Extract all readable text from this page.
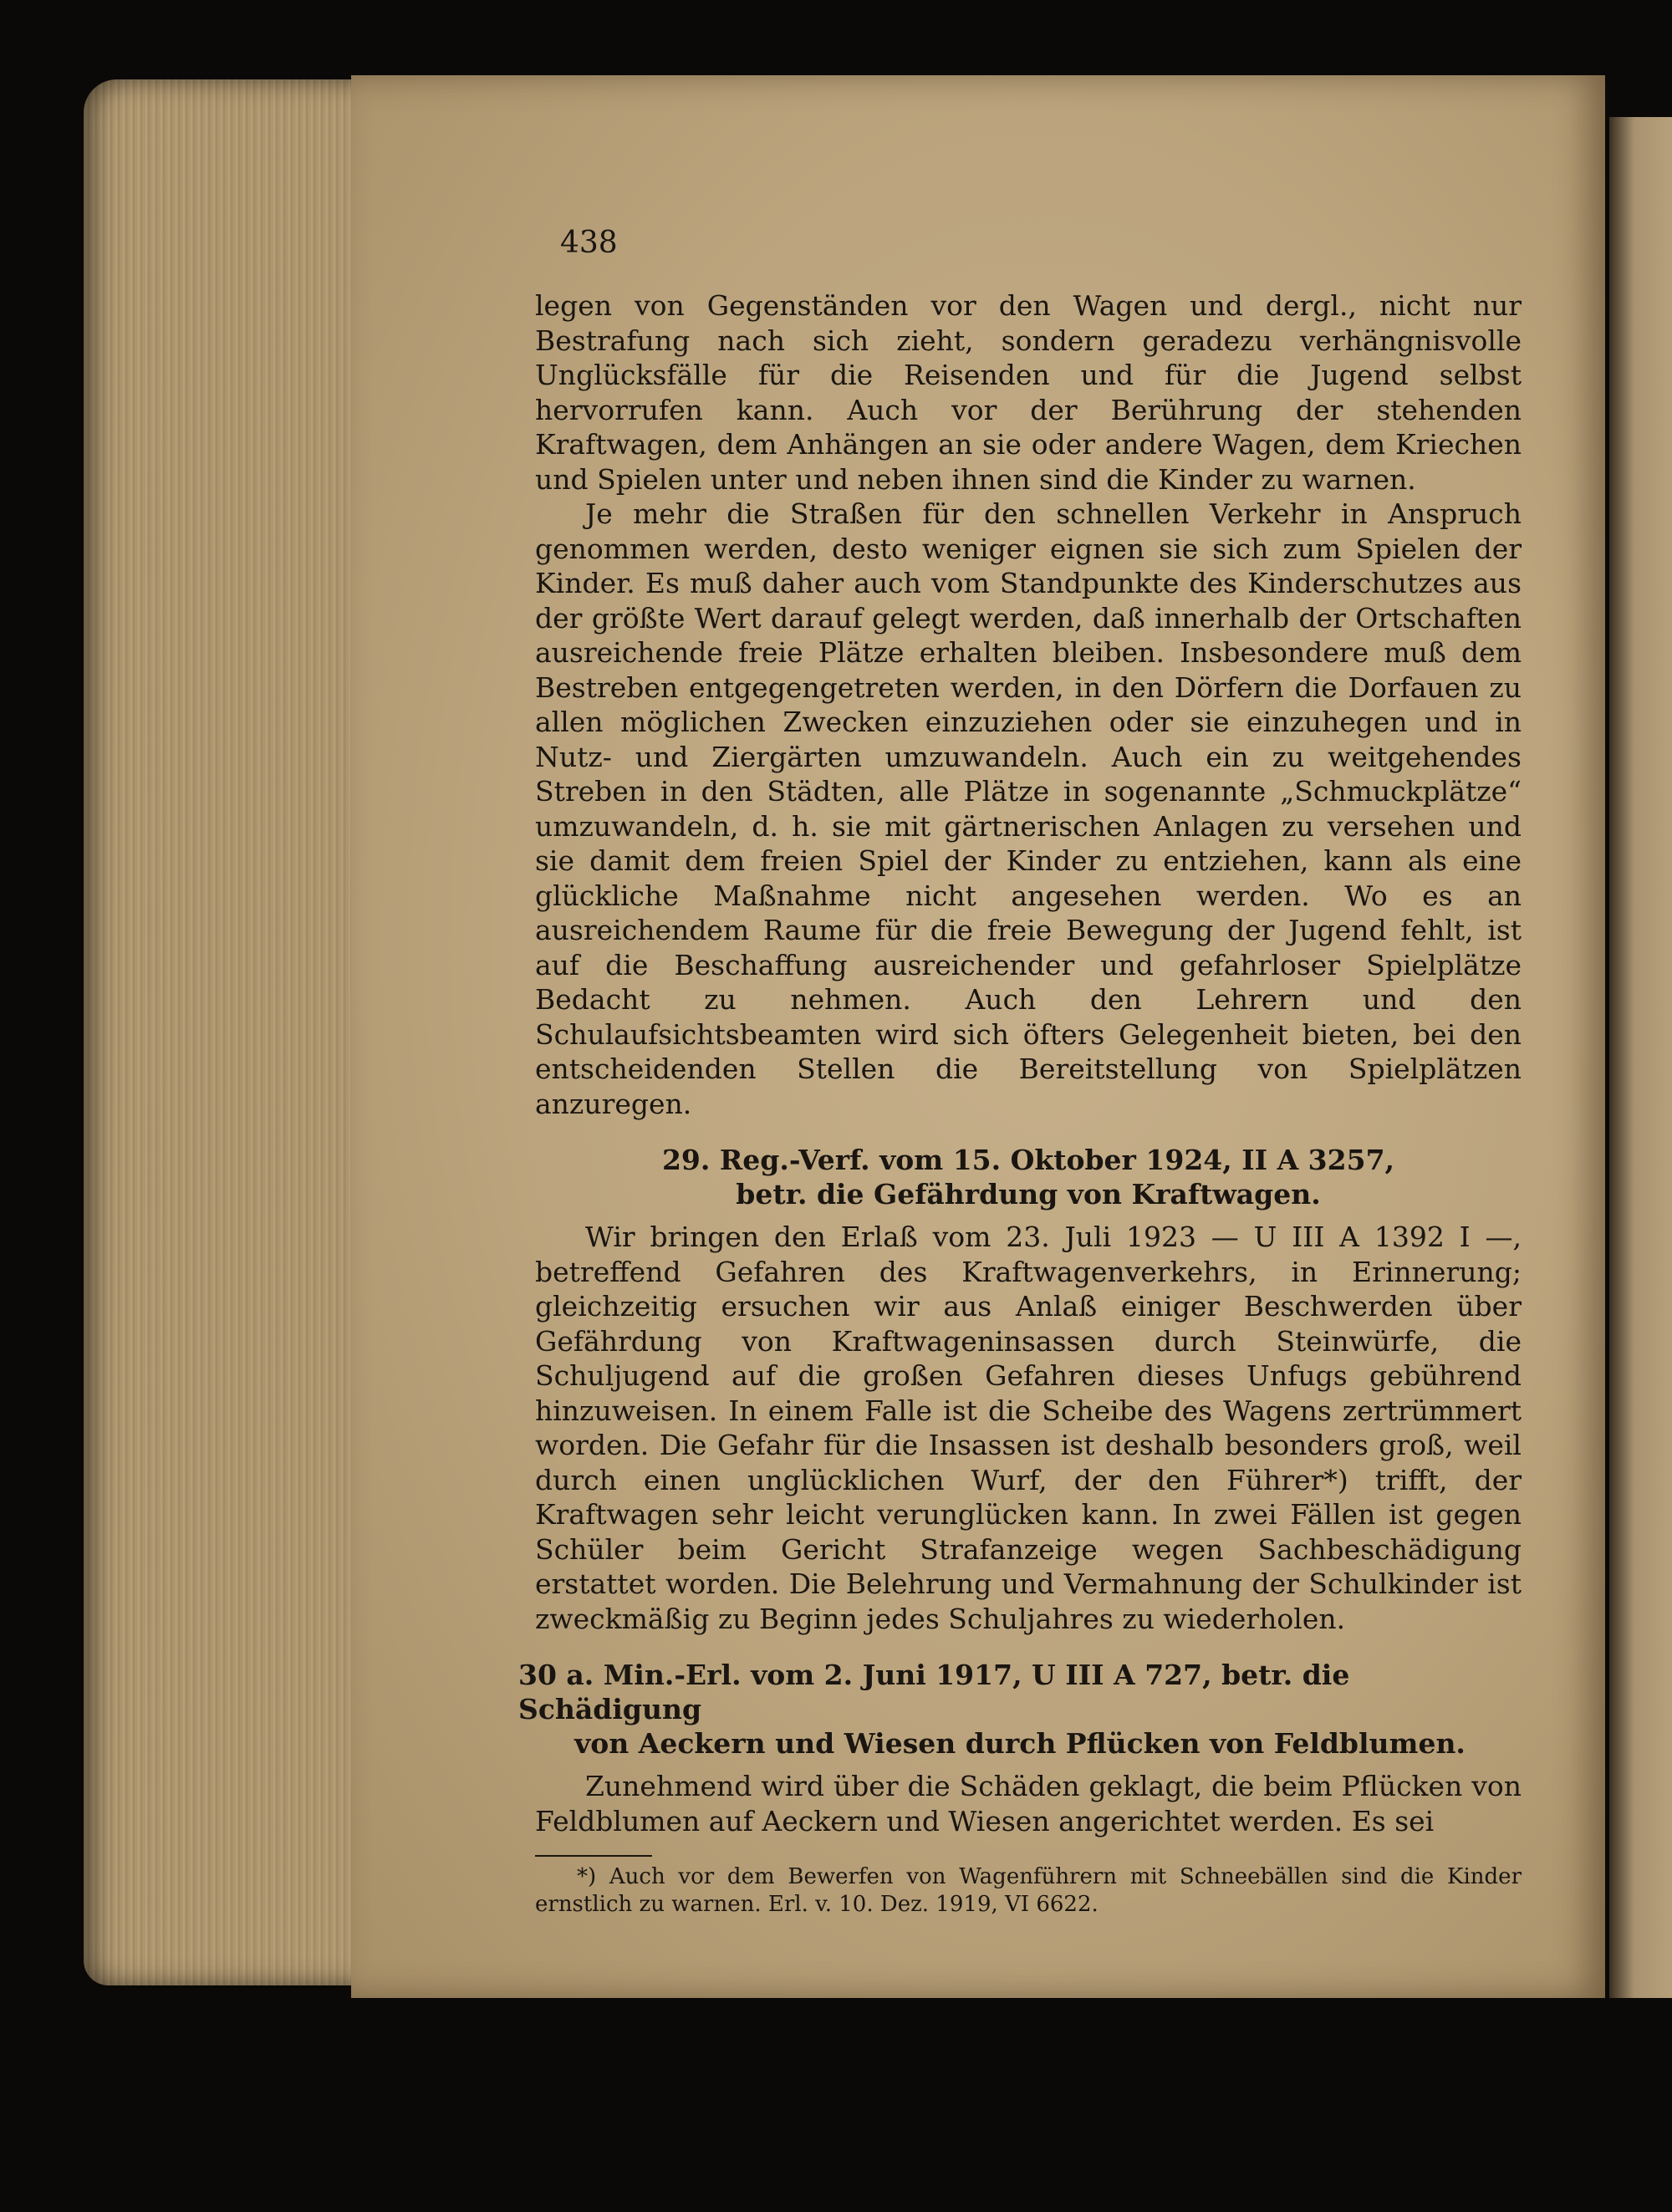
438

legen von Gegenständen vor den Wagen und dergl., nicht nur Bestrafung nach sich zieht, sondern geradezu verhängnisvolle Unglücksfälle für die Reisenden und für die Jugend selbst hervorrufen kann. Auch vor der Berührung der stehenden Kraftwagen, dem Anhängen an sie oder andere Wagen, dem Kriechen und Spielen unter und neben ihnen sind die Kinder zu warnen.

Je mehr die Straßen für den schnellen Verkehr in Anspruch genommen werden, desto weniger eignen sie sich zum Spielen der Kinder. Es muß daher auch vom Standpunkte des Kinderschutzes aus der größte Wert darauf gelegt werden, daß innerhalb der Ortschaften ausreichende freie Plätze erhalten bleiben. Insbesondere muß dem Bestreben entgegengetreten werden, in den Dörfern die Dorfauen zu allen möglichen Zwecken einzuziehen oder sie einzuhegen und in Nutz- und Ziergärten umzuwandeln. Auch ein zu weitgehendes Streben in den Städten, alle Plätze in sogenannte „Schmuckplätze“ umzuwandeln, d. h. sie mit gärtnerischen Anlagen zu versehen und sie damit dem freien Spiel der Kinder zu entziehen, kann als eine glückliche Maßnahme nicht angesehen werden. Wo es an ausreichendem Raume für die freie Bewegung der Jugend fehlt, ist auf die Beschaffung ausreichender und gefahrloser Spielplätze Bedacht zu nehmen. Auch den Lehrern und den Schulaufsichtsbeamten wird sich öfters Gelegenheit bieten, bei den entscheidenden Stellen die Bereitstellung von Spielplätzen anzuregen.

29. Reg.-Verf. vom 15. Oktober 1924, II A 3257,
betr. die Gefährdung von Kraftwagen.

Wir bringen den Erlaß vom 23. Juli 1923 — U III A 1392 I —, betreffend Gefahren des Kraftwagenverkehrs, in Erinnerung; gleichzeitig ersuchen wir aus Anlaß einiger Beschwerden über Gefährdung von Kraftwageninsassen durch Steinwürfe, die Schuljugend auf die großen Gefahren dieses Unfugs gebührend hinzuweisen. In einem Falle ist die Scheibe des Wagens zertrümmert worden. Die Gefahr für die Insassen ist deshalb besonders groß, weil durch einen unglücklichen Wurf, der den Führer*) trifft, der Kraftwagen sehr leicht verunglücken kann. In zwei Fällen ist gegen Schüler beim Gericht Strafanzeige wegen Sachbeschädigung erstattet worden. Die Belehrung und Vermahnung der Schulkinder ist zweckmäßig zu Beginn jedes Schuljahres zu wiederholen.

30 a. Min.-Erl. vom 2. Juni 1917, U III A 727, betr. die Schädigung
von Aeckern und Wiesen durch Pflücken von Feldblumen.

Zunehmend wird über die Schäden geklagt, die beim Pflücken von Feldblumen auf Aeckern und Wiesen angerichtet werden. Es sei

*) Auch vor dem Bewerfen von Wagenführern mit Schneebällen sind die Kinder ernstlich zu warnen. Erl. v. 10. Dez. 1919, VI 6622.
